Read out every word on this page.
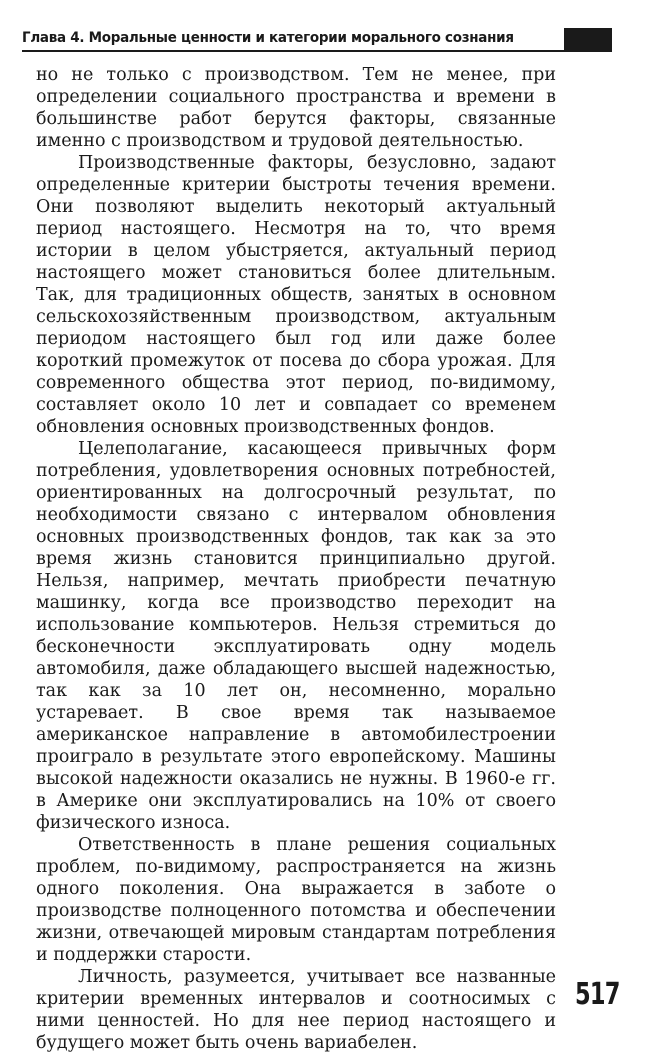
Глава 4. Моральные ценности и категории морального сознания

но не только с производством. Тем не менее, при определении социального пространства и времени в большинстве работ берутся факторы, связанные именно с производством и трудовой деятельностью.

Производственные факторы, безусловно, задают определенные критерии быстроты течения времени. Они позволяют выделить некоторый актуальный период настоящего. Несмотря на то, что время истории в целом убыстряется, актуальный период настоящего может становиться более длительным. Так, для традиционных обществ, занятых в основном сельскохозяйственным производством, актуальным периодом настоящего был год или даже более короткий промежуток от посева до сбора урожая. Для современного общества этот период, по-видимому, составляет около 10 лет и совпадает со временем обновления основных производственных фондов.

Целеполагание, касающееся привычных форм потребления, удовлетворения основных потребностей, ориентированных на долгосрочный результат, по необходимости связано с интервалом обновления основных производственных фондов, так как за это время жизнь становится принципиально другой. Нельзя, например, мечтать приобрести печатную машинку, когда все производство переходит на использование компьютеров. Нельзя стремиться до бесконечности эксплуатировать одну модель автомобиля, даже обладающего высшей надежностью, так как за 10 лет он, несомненно, морально устаревает. В свое время так называемое американское направление в автомобилестроении проиграло в результате этого европейскому. Машины высокой надежности оказались не нужны. В 1960-е гг. в Америке они эксплуатировались на 10% от своего физического износа.

Ответственность в плане решения социальных проблем, по-видимому, распространяется на жизнь одного поколения. Она выражается в заботе о производстве полноценного потомства и обеспечении жизни, отвечающей мировым стандартам потребления и поддержки старости.

Личность, разумеется, учитывает все названные критерии временных интервалов и соотносимых с ними ценностей. Но для нее период настоящего и будущего может быть очень вариабелен.

517
